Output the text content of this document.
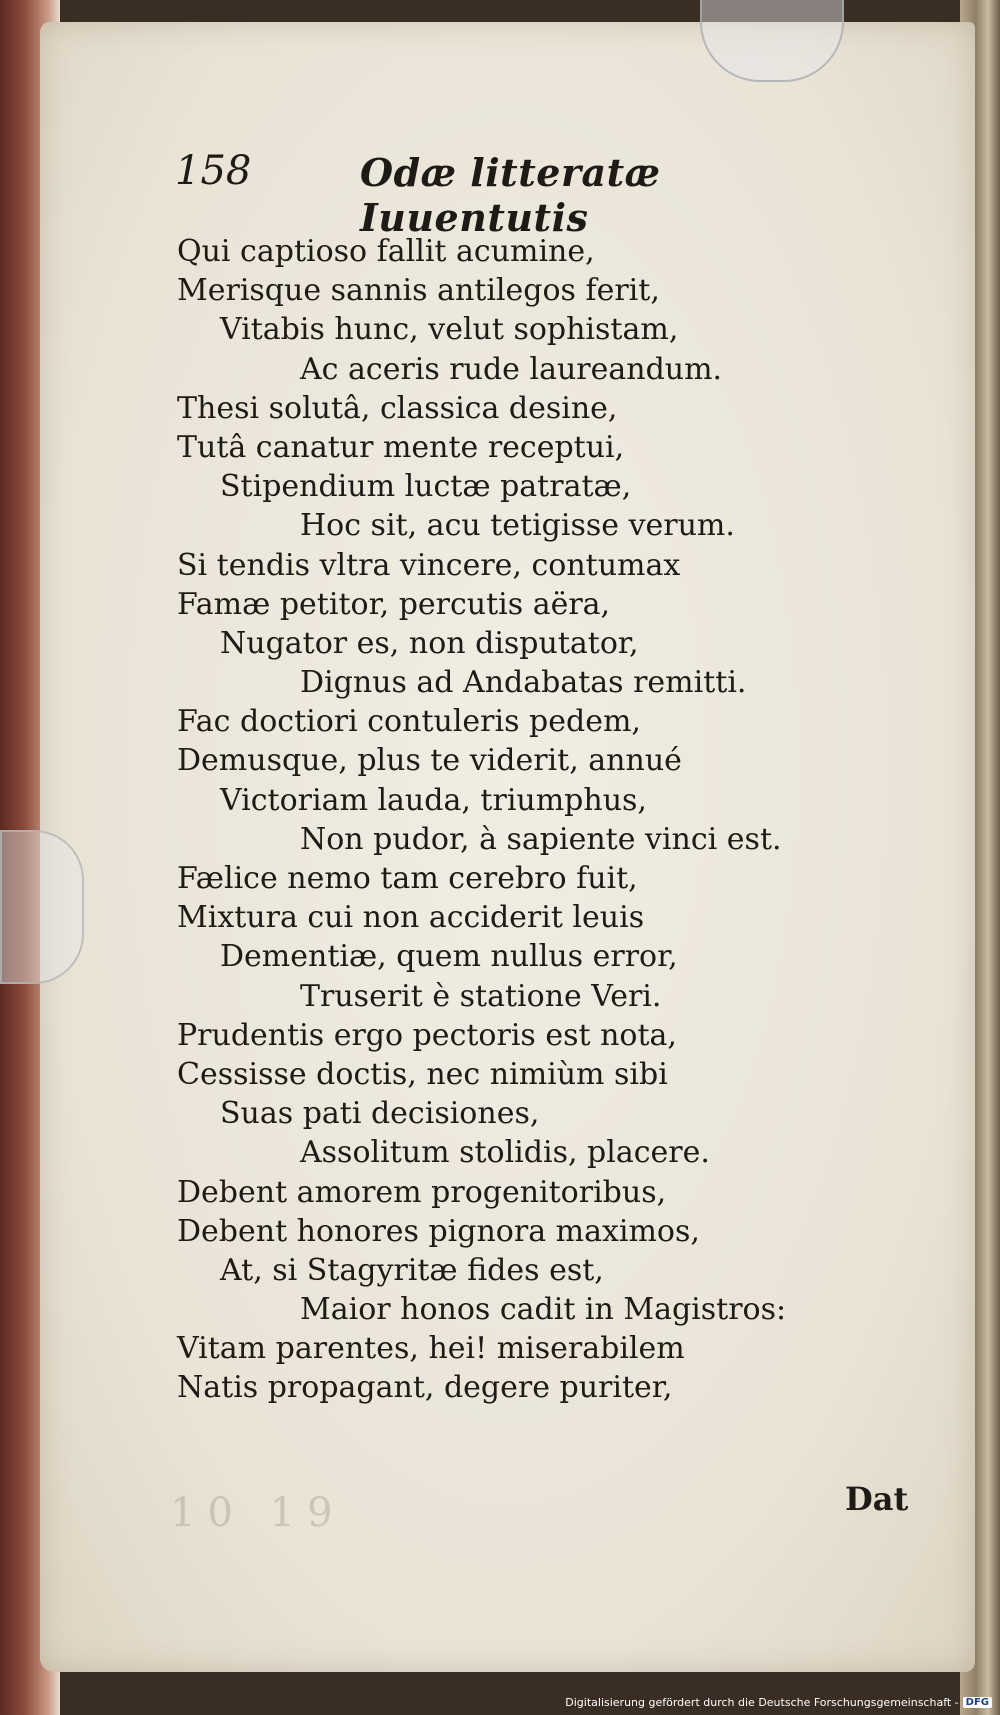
158	Odæ litteratæ Iuuentutis
Qui captioso fallit acumine,
Merisque sannis antilegos ferit,
Vitabis hunc, velut sophistam,
Ac aceris rude laureandum.
Thesi solutâ, classica desine,
Tutâ canatur mente receptui,
Stipendium luctæ patratæ,
Hoc sit, acu tetigisse verum.
Si tendis vltra vincere, contumax
Famæ petitor, percutis aëra,
Nugator es, non disputator,
Dignus ad Andabatas remitti.
Fac doctiori contuleris pedem,
Demusque, plus te viderit, annué
Victoriam lauda, triumphus,
Non pudor, à sapiente vinci est.
Fælice nemo tam cerebro fuit,
Mixtura cui non acciderit leuis
Dementiæ, quem nullus error,
Truserit è statione Veri.
Prudentis ergo pectoris est nota,
Cessisse doctis, nec nimiùm sibi
Suas pati decisiones,
Assolitum stolidis, placere.
Debent amorem progenitoribus,
Debent honores pignora maximos,
At, si Stagyritæ fides est,
Maior honos cadit in Magistros:
Vitam parentes, hei! miserabilem
Natis propagant, degere puriter,
10 19	Dat
Digitalisierung gefördert durch die Deutsche Forschungsgemeinschaft - DFG
